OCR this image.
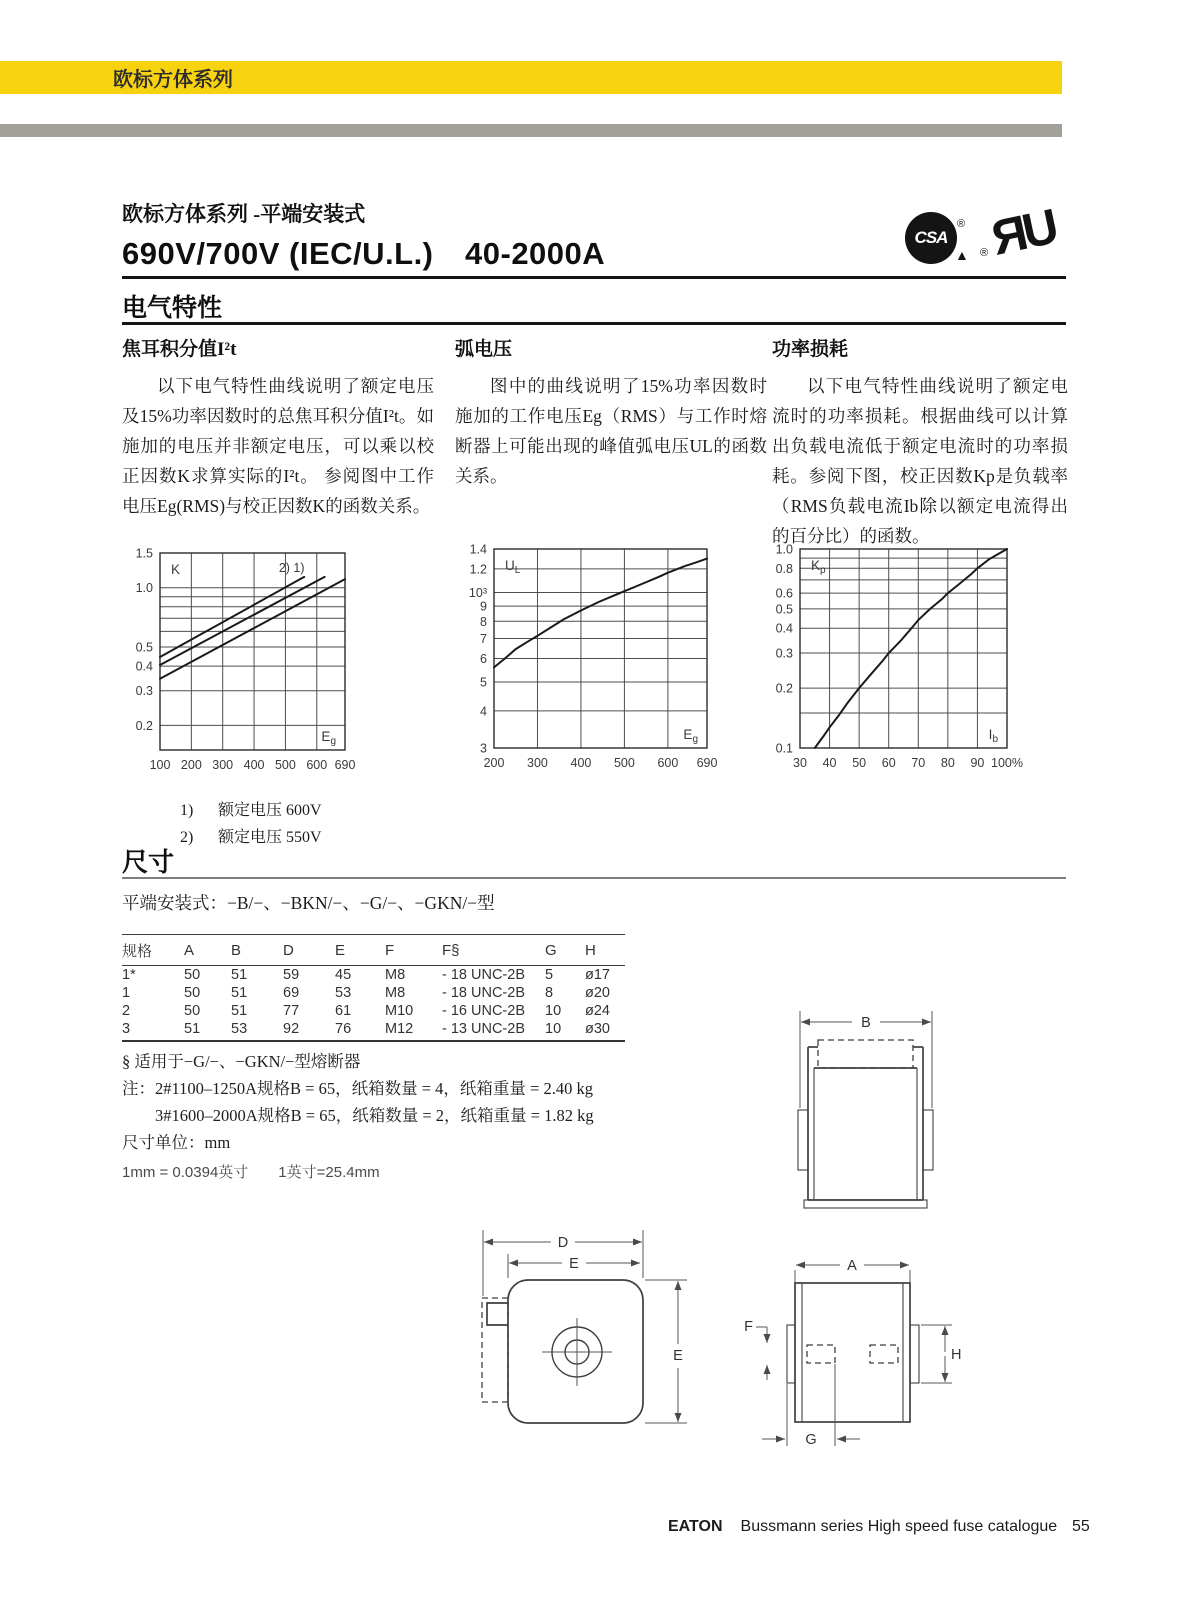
欧标方体系列
欧标方体系列 -平端安装式
690V/700V (IEC/U.L.)　40-2000A	CSA
®
▲ ЯU
®
电气特性
焦耳积分值I²t

以下电气特性曲线说明了额定电压及15%功率因数时的总焦耳积分值I²t。如施加的电压并非额定电压，可以乘以校正因数K求算实际的I²t。 参阅图中工作电压Eg(RMS)与校正因数K的函数关系。

弧电压

图中的曲线说明了15%功率因数时施加的工作电压Eg（RMS）与工作时熔断器上可能出现的峰值弧电压UL的函数关系。

功率损耗

以下电气特性曲线说明了额定电流时的功率损耗。根据曲线可以计算出负载电流低于额定电流时的功率损耗。参阅下图，校正因数Kp是负载率（RMS负载电流Ib除以额定电流得出的百分比）的函数。

100 200 300 400 500 600 690
1.5
1.0
0.5
0.4
0.3
0.2
K
$E_g$
2) 1)
200 300 400 500 600 690
1.4
1.2
10³
9
8
7
6
5
4
3
$U_L$
$E_g$
30 40 50 60 70 80 90 100%
1.0
0.8
0.6
0.5
0.4
0.3
0.2
0.1
$K_p$
$I_b$
1) 额定电压 600V
2) 额定电压 550V
尺寸
平端安装式：−B/−、−BKN/−、−G/−、−GKN/−型
规格	A	B	D	E	F	F§	G	H
1*	50	51	59	45	M8	- 18 UNC-2B	5	ø17
1	50	51	69	53	M8	- 18 UNC-2B	8	ø20
2	50	51	77	61	M10	- 16 UNC-2B	10	ø24
3	51	53	92	76	M12	- 13 UNC-2B	10	ø30
§ 适用于−G/−、−GKN/−型熔断器
注：2#1100–1250A规格B = 65，纸箱数量 = 4，纸箱重量 = 2.40 kg
　　3#1600–2000A规格B = 65，纸箱数量 = 2，纸箱重量 = 1.82 kg
尺寸单位：mm
1mm = 0.0394英寸　　1英寸=25.4mm
B
D
E
E
A
F
H
G
EATON Bussmann series High speed fuse catalogue 55
